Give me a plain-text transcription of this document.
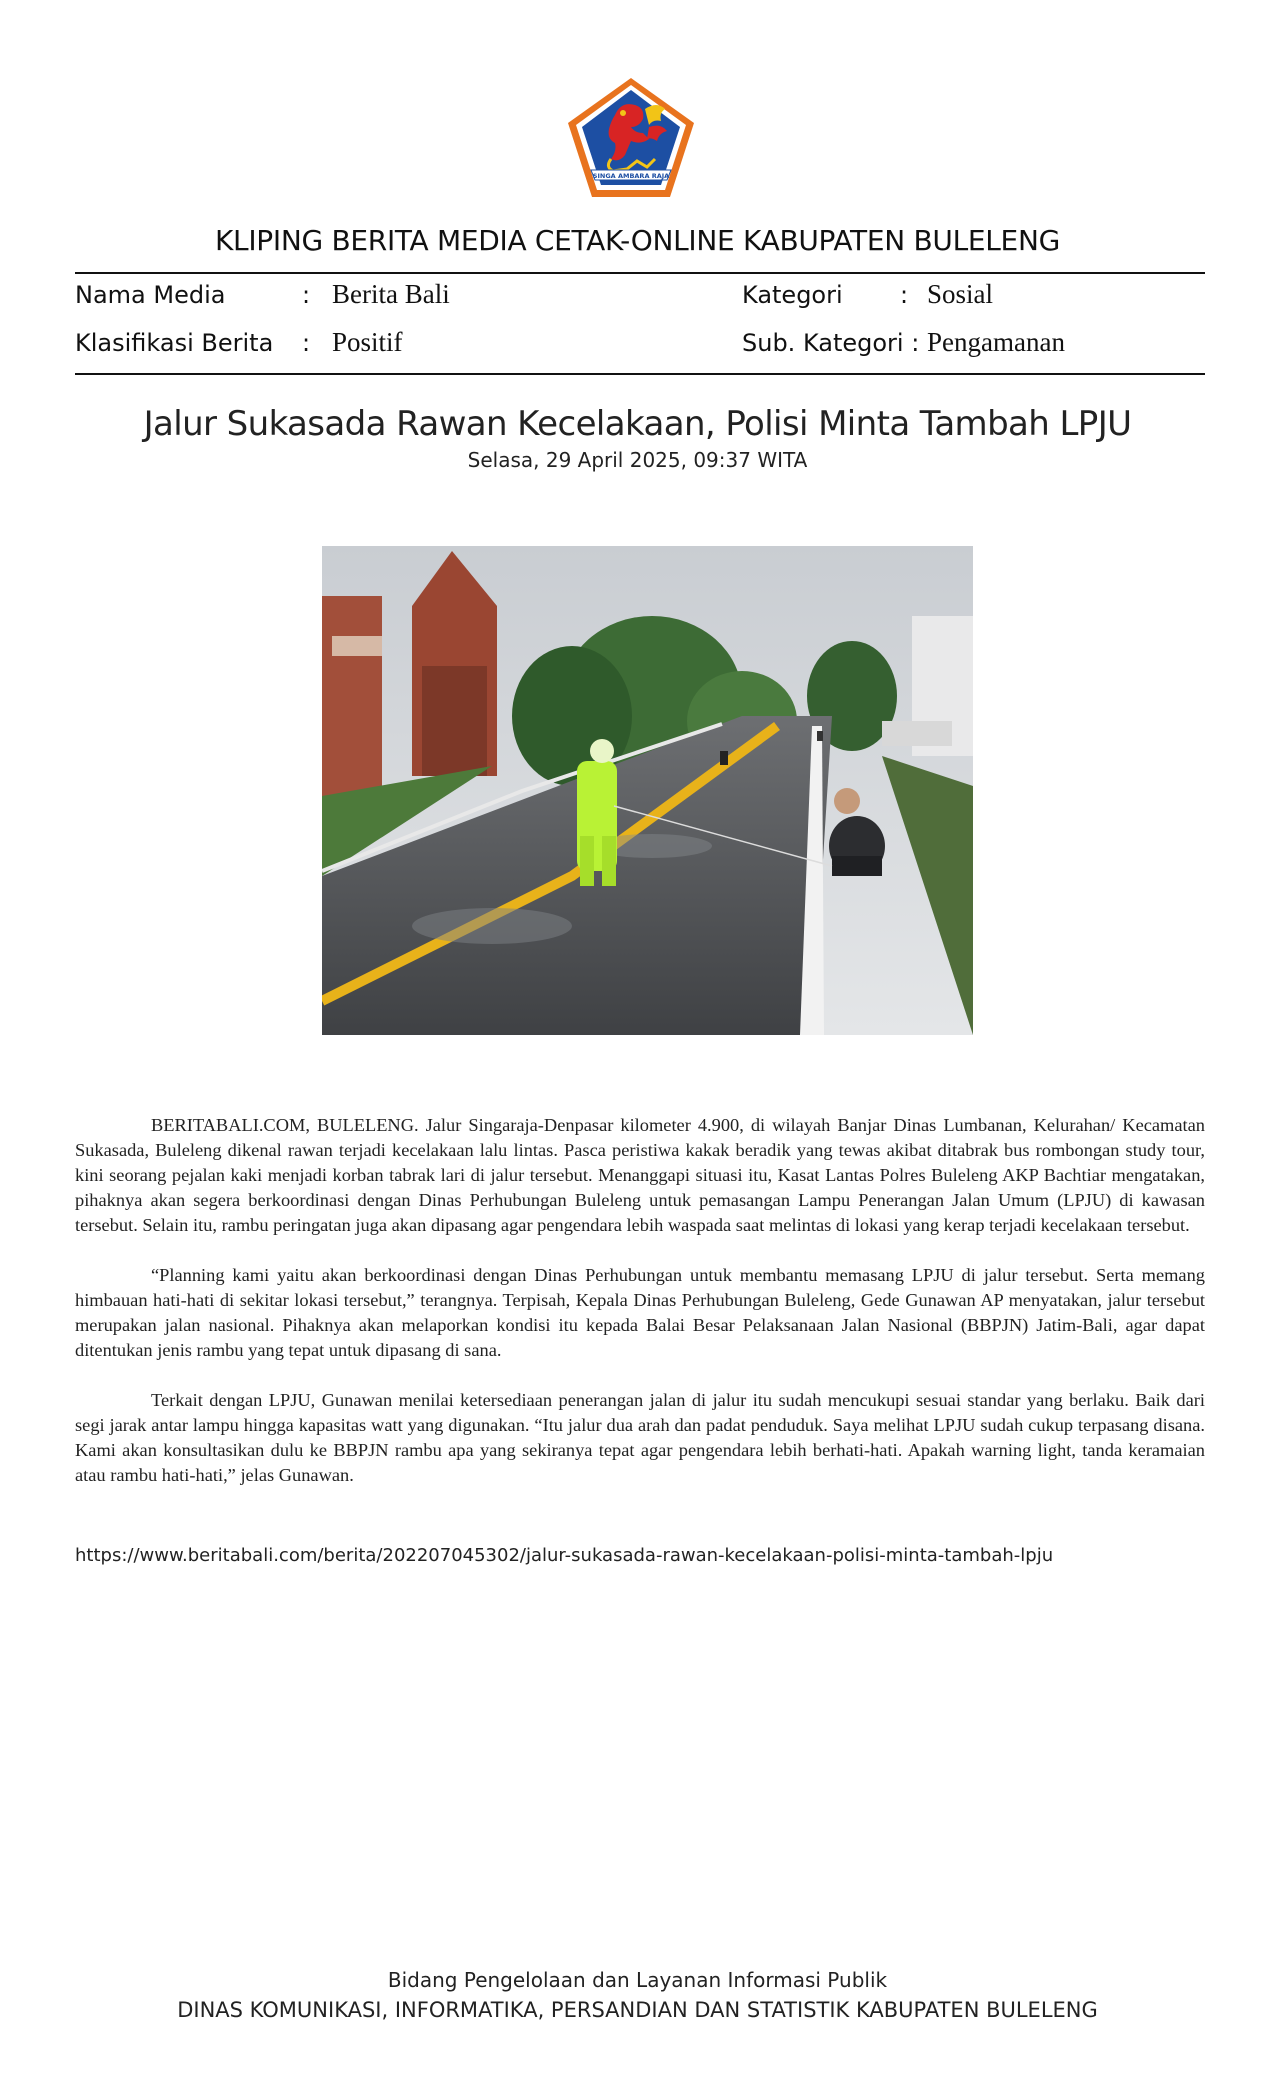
SINGA AMBARA RAJA
KLIPING BERITA MEDIA CETAK-ONLINE KABUPATEN BULELENG
Nama Media	: Berita Bali	Kategori : Sosial
Klasifikasi Berita : Positif	Sub. Kategori : Pengamanan
Jalur Sukasada Rawan Kecelakaan, Polisi Minta Tambah LPJU
Selasa, 29 April 2025, 09:37 WITA

BERITABALI.COM, BULELENG. Jalur Singaraja-Denpasar kilometer 4.900, di wilayah Banjar Dinas Lumbanan, Kelurahan/ Kecamatan Sukasada, Buleleng dikenal rawan terjadi kecelakaan lalu lintas. Pasca peristiwa kakak beradik yang tewas akibat ditabrak bus rombongan study tour, kini seorang pejalan kaki menjadi korban tabrak lari di jalur tersebut. Menanggapi situasi itu, Kasat Lantas Polres Buleleng AKP Bachtiar mengatakan, pihaknya akan segera berkoordinasi dengan Dinas Perhubungan Buleleng untuk pemasangan Lampu Penerangan Jalan Umum (LPJU) di kawasan tersebut. Selain itu, rambu peringatan juga akan dipasang agar pengendara lebih waspada saat melintas di lokasi yang kerap terjadi kecelakaan tersebut.

“Planning kami yaitu akan berkoordinasi dengan Dinas Perhubungan untuk membantu memasang LPJU di jalur tersebut. Serta memang himbauan hati-hati di sekitar lokasi tersebut,” terangnya. Terpisah, Kepala Dinas Perhubungan Buleleng, Gede Gunawan AP menyatakan, jalur tersebut merupakan jalan nasional. Pihaknya akan melaporkan kondisi itu kepada Balai Besar Pelaksanaan Jalan Nasional (BBPJN) Jatim-Bali, agar dapat ditentukan jenis rambu yang tepat untuk dipasang di sana.

Terkait dengan LPJU, Gunawan menilai ketersediaan penerangan jalan di jalur itu sudah mencukupi sesuai standar yang berlaku. Baik dari segi jarak antar lampu hingga kapasitas watt yang digunakan. “Itu jalur dua arah dan padat penduduk. Saya melihat LPJU sudah cukup terpasang disana. Kami akan konsultasikan dulu ke BBPJN rambu apa yang sekiranya tepat agar pengendara lebih berhati-hati. Apakah warning light, tanda keramaian atau rambu hati-hati,” jelas Gunawan.

https://www.beritabali.com/berita/202207045302/jalur-sukasada-rawan-kecelakaan-polisi-minta-tambah-lpju
Bidang Pengelolaan dan Layanan Informasi Publik
DINAS KOMUNIKASI, INFORMATIKA, PERSANDIAN DAN STATISTIK KABUPATEN BULELENG
